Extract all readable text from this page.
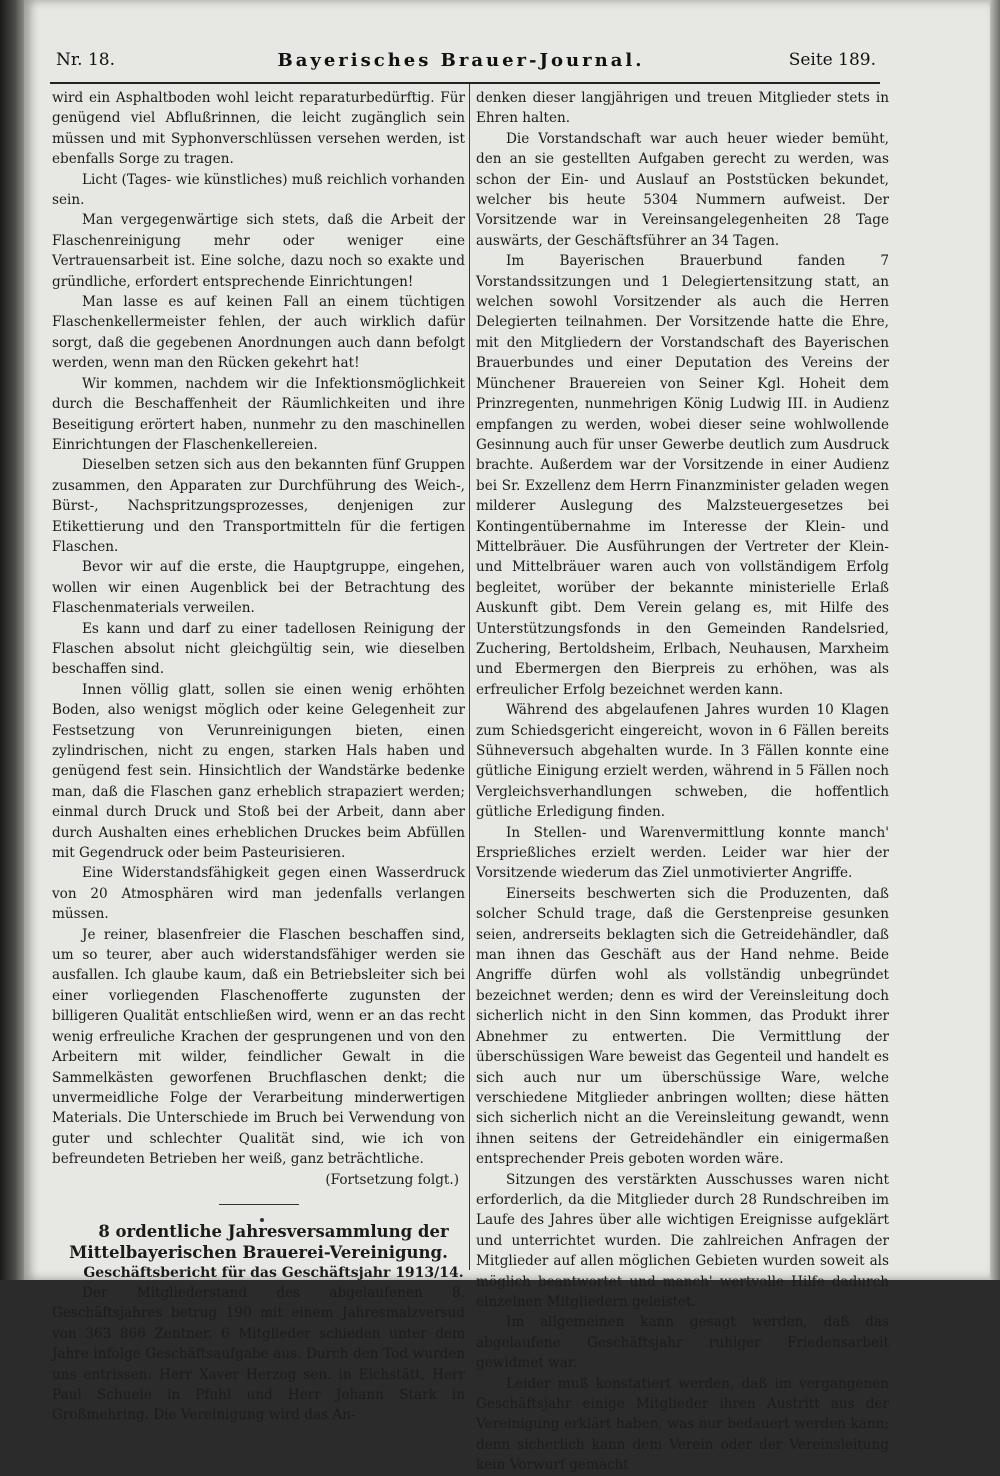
Nr. 18.	Bayerisches Brauer-Journal.	Seite 189.

wird ein Asphaltboden wohl leicht reparaturbedürftig. Für genügend viel Abflußrinnen, die leicht zugänglich sein müssen und mit Syphonverschlüssen versehen werden, ist ebenfalls Sorge zu tragen.

Licht (Tages- wie künstliches) muß reichlich vorhanden sein.

Man vergegenwärtige sich stets, daß die Arbeit der Flaschenreinigung mehr oder weniger eine Vertrauensarbeit ist. Eine solche, dazu noch so exakte und gründliche, erfordert entsprechende Einrichtungen!

Man lasse es auf keinen Fall an einem tüchtigen Flaschenkellermeister fehlen, der auch wirklich dafür sorgt, daß die gegebenen Anordnungen auch dann befolgt werden, wenn man den Rücken gekehrt hat!

Wir kommen, nachdem wir die Infektionsmöglichkeit durch die Beschaffenheit der Räumlichkeiten und ihre Beseitigung erörtert haben, nunmehr zu den maschinellen Einrichtungen der Flaschenkellereien.

Dieselben setzen sich aus den bekannten fünf Gruppen zusammen, den Apparaten zur Durchführung des Weich-, Bürst-, Nachspritzungsprozesses, denjenigen zur Etikettierung und den Transportmitteln für die fertigen Flaschen.

Bevor wir auf die erste, die Hauptgruppe, eingehen, wollen wir einen Augenblick bei der Betrachtung des Flaschenmaterials verweilen.

Es kann und darf zu einer tadellosen Reinigung der Flaschen absolut nicht gleichgültig sein, wie dieselben beschaffen sind.

Innen völlig glatt, sollen sie einen wenig erhöhten Boden, also wenigst möglich oder keine Gelegenheit zur Festsetzung von Verunreinigungen bieten, einen zylindrischen, nicht zu engen, starken Hals haben und genügend fest sein. Hinsichtlich der Wandstärke bedenke man, daß die Flaschen ganz erheblich strapaziert werden; einmal durch Druck und Stoß bei der Arbeit, dann aber durch Aushalten eines erheblichen Druckes beim Abfüllen mit Gegendruck oder beim Pasteurisieren.

Eine Widerstandsfähigkeit gegen einen Wasserdruck von 20 Atmosphären wird man jedenfalls verlangen müssen.

Je reiner, blasenfreier die Flaschen beschaffen sind, um so teurer, aber auch widerstandsfähiger werden sie ausfallen. Ich glaube kaum, daß ein Betriebsleiter sich bei einer vorliegenden Flaschenofferte zugunsten der billigeren Qualität entschließen wird, wenn er an das recht wenig erfreuliche Krachen der gesprungenen und von den Arbeitern mit wilder, feindlicher Gewalt in die Sammelkästen geworfenen Bruchflaschen denkt; die unvermeidliche Folge der Verarbeitung minderwertigen Materials. Die Unterschiede im Bruch bei Verwendung von guter und schlechter Qualität sind, wie ich von befreundeten Betrieben her weiß, ganz beträchtliche.

(Fortsetzung folgt.)

8 ordentliche Jahresversammlung der Mittelbayerischen Brauerei-Vereinigung.

Geschäftsbericht für das Geschäftsjahr 1913/14.

Der Mitgliederstand des abgelaufenen 8. Geschäftsjahres betrug 190 mit einem Jahresmalzversud von 363 866 Zentner. 6 Mitglieder schieden unter dem Jahre infolge Geschäftsaufgabe aus. Durch den Tod wurden uns entrissen: Herr Xaver Herzog sen. in Eichstätt, Herr Paul Schuele in Pfuhl und Herr Johann Stark in Großmehring. Die Vereinigung wird das An-

denken dieser langjährigen und treuen Mitglieder stets in Ehren halten.

Die Vorstandschaft war auch heuer wieder bemüht, den an sie gestellten Aufgaben gerecht zu werden, was schon der Ein- und Auslauf an Poststücken bekundet, welcher bis heute 5304 Nummern aufweist. Der Vorsitzende war in Vereinsangelegenheiten 28 Tage auswärts, der Geschäftsführer an 34 Tagen.

Im Bayerischen Brauerbund fanden 7 Vorstandssitzungen und 1 Delegiertensitzung statt, an welchen sowohl Vorsitzender als auch die Herren Delegierten teilnahmen. Der Vorsitzende hatte die Ehre, mit den Mitgliedern der Vorstandschaft des Bayerischen Brauerbundes und einer Deputation des Vereins der Münchener Brauereien von Seiner Kgl. Hoheit dem Prinzregenten, nunmehrigen König Ludwig III. in Audienz empfangen zu werden, wobei dieser seine wohlwollende Gesinnung auch für unser Gewerbe deutlich zum Ausdruck brachte. Außerdem war der Vorsitzende in einer Audienz bei Sr. Exzellenz dem Herrn Finanzminister geladen wegen milderer Auslegung des Malzsteuergesetzes bei Kontingentübernahme im Interesse der Klein- und Mittelbräuer. Die Ausführungen der Vertreter der Klein- und Mittelbräuer waren auch von vollständigem Erfolg begleitet, worüber der bekannte ministerielle Erlaß Auskunft gibt. Dem Verein gelang es, mit Hilfe des Unterstützungsfonds in den Gemeinden Randelsried, Zuchering, Bertoldsheim, Erlbach, Neuhausen, Marxheim und Ebermergen den Bierpreis zu erhöhen, was als erfreulicher Erfolg bezeichnet werden kann.

Während des abgelaufenen Jahres wurden 10 Klagen zum Schiedsgericht eingereicht, wovon in 6 Fällen bereits Sühneversuch abgehalten wurde. In 3 Fällen konnte eine gütliche Einigung erzielt werden, während in 5 Fällen noch Vergleichsverhandlungen schweben, die hoffentlich gütliche Erledigung finden.

In Stellen- und Warenvermittlung konnte manch' Ersprießliches erzielt werden. Leider war hier der Vorsitzende wiederum das Ziel unmotivierter Angriffe.

Einerseits beschwerten sich die Produzenten, daß solcher Schuld trage, daß die Gerstenpreise gesunken seien, andrerseits beklagten sich die Getreidehändler, daß man ihnen das Geschäft aus der Hand nehme. Beide Angriffe dürfen wohl als vollständig unbegründet bezeichnet werden; denn es wird der Vereinsleitung doch sicherlich nicht in den Sinn kommen, das Produkt ihrer Abnehmer zu entwerten. Die Vermittlung der überschüssigen Ware beweist das Gegenteil und handelt es sich auch nur um überschüssige Ware, welche verschiedene Mitglieder anbringen wollten; diese hätten sich sicherlich nicht an die Vereinsleitung gewandt, wenn ihnen seitens der Getreidehändler ein einigermaßen entsprechender Preis geboten worden wäre.

Sitzungen des verstärkten Ausschusses waren nicht erforderlich, da die Mitglieder durch 28 Rundschreiben im Laufe des Jahres über alle wichtigen Ereignisse aufgeklärt und unterrichtet wurden. Die zahlreichen Anfragen der Mitglieder auf allen möglichen Gebieten wurden soweit als möglich beantwortet und manch' wertvolle Hilfe dadurch einzelnen Mitgliedern geleistet.

Im allgemeinen kann gesagt werden, daß das abgelaufene Geschäftsjahr ruhiger Friedensarbeit gewidmet war.

Leider muß konstatiert werden, daß im vergangenen Geschäftsjahr einige Mitglieder ihren Austritt aus der Vereinigung erklärt haben, was nur bedauert werden kann; denn sicherlich kann dem Verein oder der Vereinsleitung kein Vorwurf gemacht
